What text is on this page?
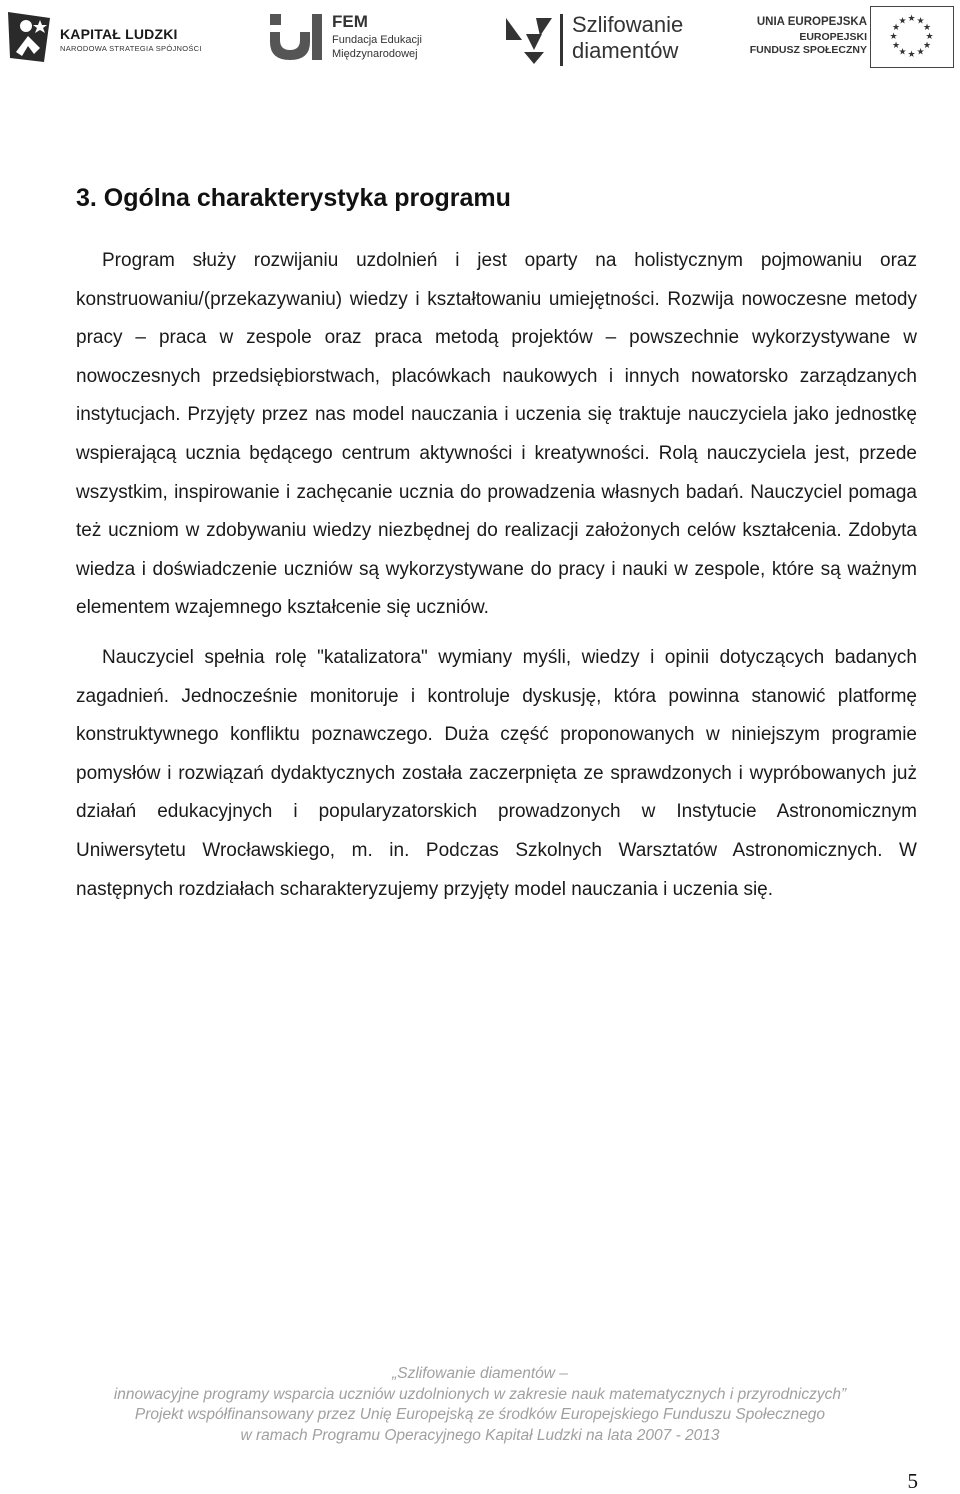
KAPITAŁ LUDZKI
NARODOWA STRATEGIA SPÓJNOŚCI
FEM
Fundacja Edukacji
Międzynarodowej
Szlifowanie
diamentów
UNIA EUROPEJSKA
EUROPEJSKI
FUNDUSZ SPOŁECZNY
★ ★
★
★
★
★
★
★
★
★
★
★
3. Ogólna charakterystyka programu

Program służy rozwijaniu uzdolnień i jest oparty na holistycznym pojmowaniu oraz konstruowaniu/(przekazywaniu) wiedzy i kształtowaniu umiejętności. Rozwija nowoczesne metody pracy – praca w zespole oraz praca metodą projektów – powszechnie wykorzystywane w nowoczesnych przedsiębiorstwach, placówkach naukowych i innych nowatorsko zarządzanych instytucjach. Przyjęty przez nas model nauczania i uczenia się traktuje nauczyciela jako jednostkę wspierającą ucznia będącego centrum aktywności i kreatywności. Rolą nauczyciela jest, przede wszystkim, inspirowanie i zachęcanie ucznia do prowadzenia własnych badań. Nauczyciel pomaga też uczniom w zdobywaniu wiedzy niezbędnej do realizacji założonych celów kształcenia. Zdobyta wiedza i doświadczenie uczniów są wykorzystywane do pracy i nauki w zespole, które są ważnym elementem wzajemnego kształcenie się uczniów.

Nauczyciel spełnia rolę "katalizatora" wymiany myśli, wiedzy i opinii dotyczących badanych zagadnień. Jednocześnie monitoruje i kontroluje dyskusję, która powinna stanowić platformę konstruktywnego konfliktu poznawczego. Duża część proponowanych w niniejszym programie pomysłów i rozwiązań dydaktycznych została zaczerpnięta ze sprawdzonych i wypróbowanych już działań edukacyjnych i popularyzatorskich prowadzonych w Instytucie Astronomicznym Uniwersytetu Wrocławskiego, m. in. Podczas Szkolnych Warsztatów Astronomicznych. W następnych rozdziałach scharakteryzujemy przyjęty model nauczania i uczenia się.

„Szlifowanie diamentów –
innowacyjne programy wsparcia uczniów uzdolnionych w zakresie nauk matematycznych i przyrodniczych”
Projekt współfinansowany przez Unię Europejską ze środków Europejskiego Funduszu Społecznego
w ramach Programu Operacyjnego Kapitał Ludzki na lata 2007 - 2013
5
